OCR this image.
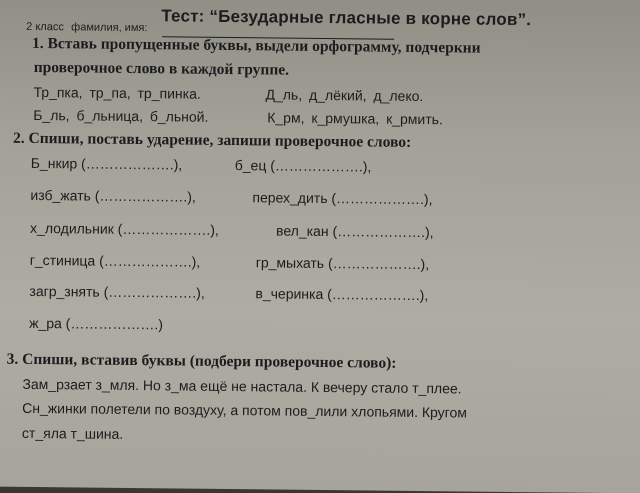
Тест: “Безударные гласные в корне слов”.
2 класс фамилия, имя:
1. Вставь пропущенные буквы, выдели орфограмму, подчеркни
проверочное слово в каждой группе.
Тр_пка, тр_па, тр_пинка.	Д_ль, д_лёкий, д_леко.
Б_ль, б_льница, б_льной.	К_рм, к_рмушка, к_рмить.
2. Спиши, поставь ударение, запиши проверочное слово:
Б_нкир (……………….),	б_ец (……………….),
изб_жать (……………….),	перех_дить (……………….),
х_лодильник (……………….),	вел_кан (……………….),
г_стиница (……………….),	гр_мыхать (……………….),
загр_знять (……………….),	в_черинка (……………….),
ж_ра (……………….)
3. Спиши, вставив буквы (подбери проверочное слово):
Зам_рзает з_мля. Но з_ма ещё не настала. К вечеру стало т_плее.
Сн_жинки полетели по воздуху, а потом пов_лили хлопьями. Кругом
ст_яла т_шина.
